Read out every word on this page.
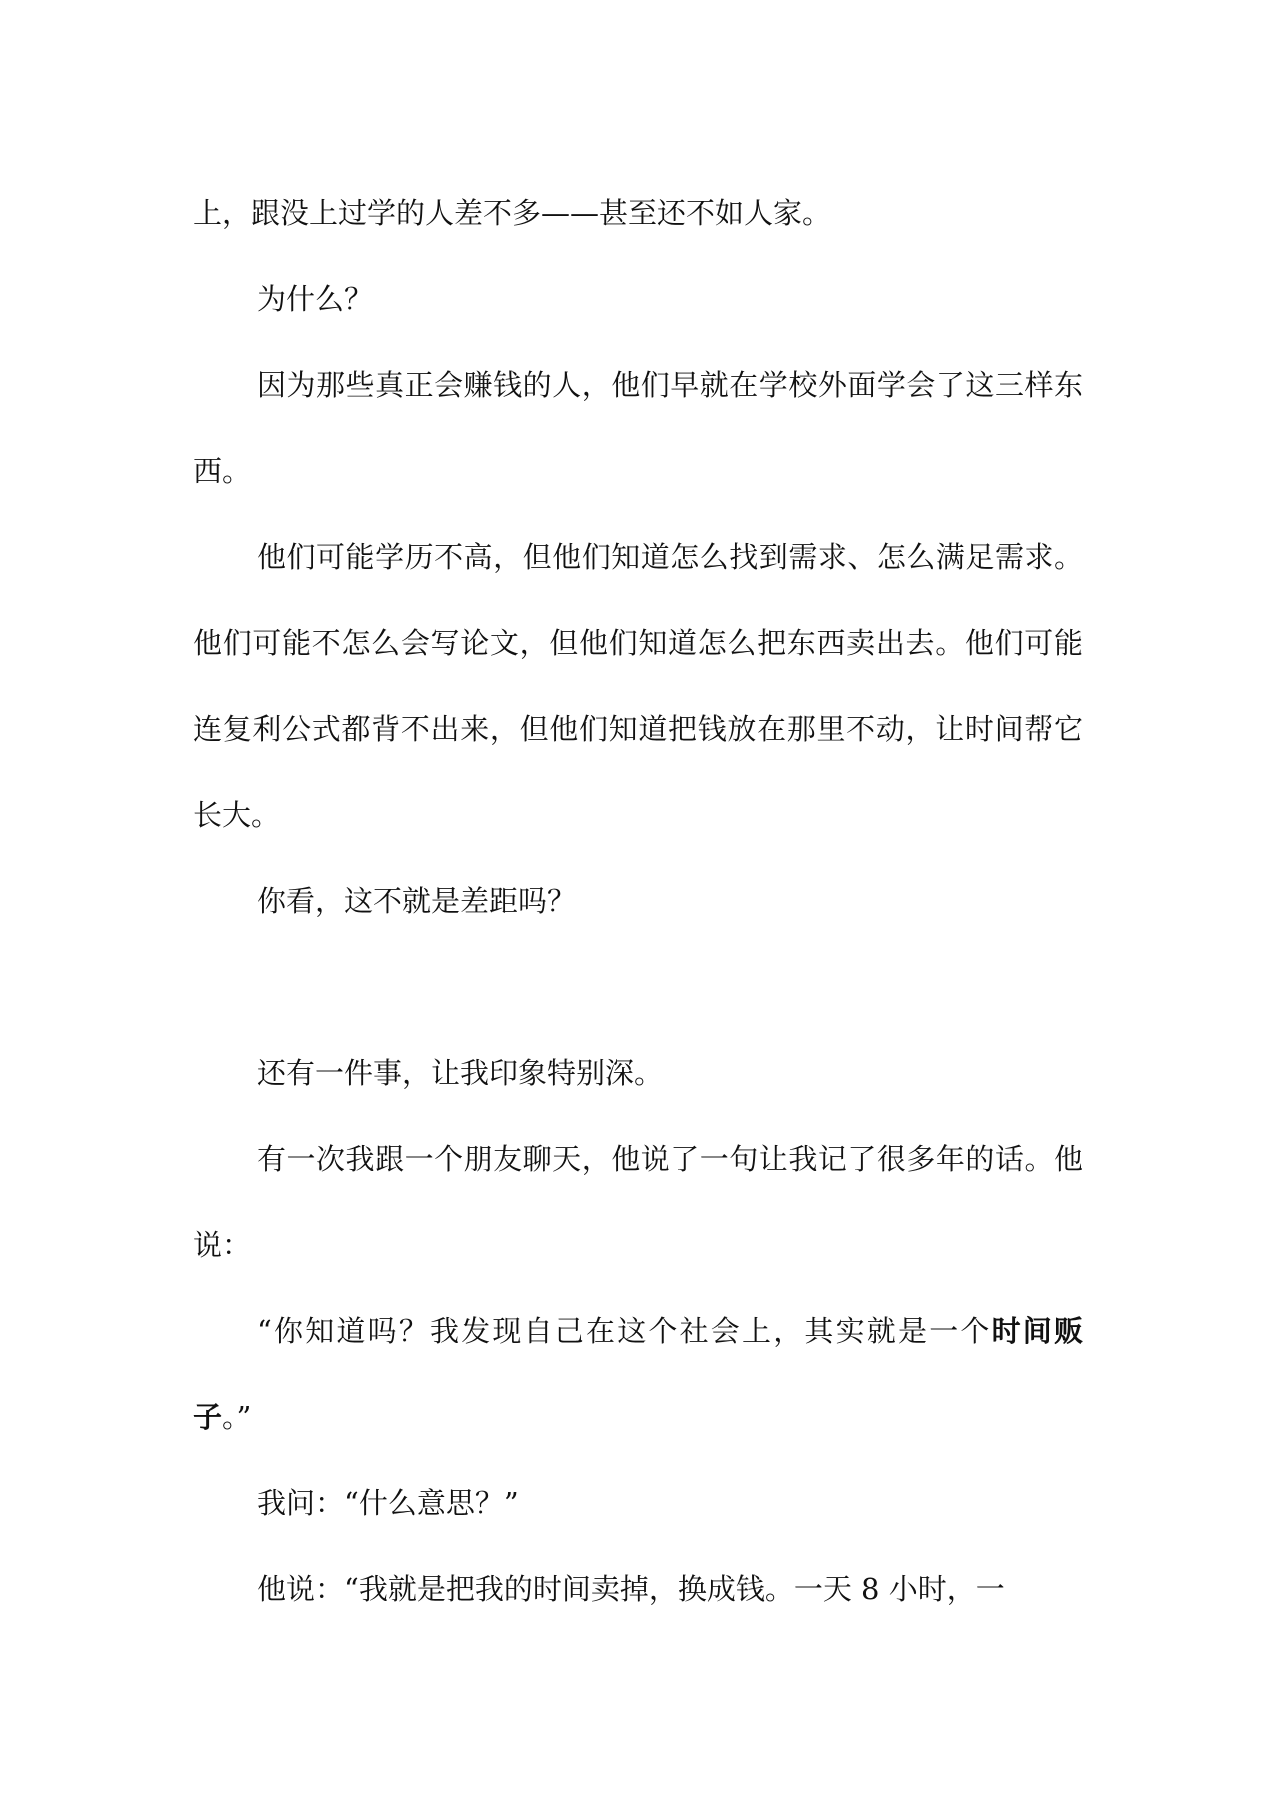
上，跟没上过学的人差不多——甚至还不如人家。

为什么？

因为那些真正会赚钱的人，他们早就在学校外面学会了这三样东西。

他们可能学历不高，但他们知道怎么找到需求、怎么满足需求。他们可能不怎么会写论文，但他们知道怎么把东西卖出去。他们可能连复利公式都背不出来，但他们知道把钱放在那里不动，让时间帮它长大。

你看，这不就是差距吗？

还有一件事，让我印象特别深。

有一次我跟一个朋友聊天，他说了一句让我记了很多年的话。他说：

“你知道吗？我发现自己在这个社会上，其实就是一个时间贩子。”

我问：“什么意思？”

他说：“我就是把我的时间卖掉，换成钱。一天 8 小时，一
